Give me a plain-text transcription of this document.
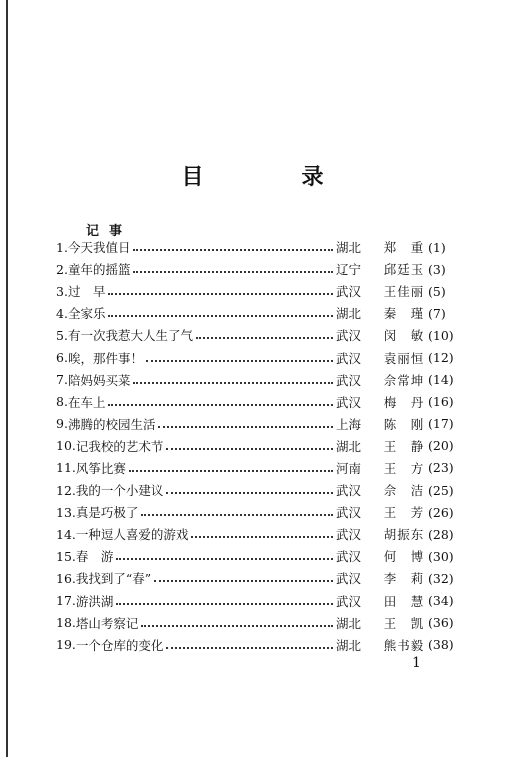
目　录
记事
1. 今天我值日	湖北	郑　重 (1)
2. 童年的摇篮	辽宁	邱廷玉 (3)
3. 过　早	武汉	王佳丽 (5)
4. 全家乐	湖北	秦　瑾 (7)
5. 有一次我惹大人生了气	武汉	闵　敏 (10)
6. 唉，那件事！	武汉	袁丽恒 (12)
7. 陪妈妈买菜	武汉	佘常坤 (14)
8. 在车上	武汉	梅　丹 (16)
9. 沸腾的校园生活	上海	陈　刚 (17)
10. 记我校的艺术节	湖北	王　静 (20)
11. 风筝比赛	河南	王　方 (23)
12. 我的一个小建议	武汉	佘　洁 (25)
13. 真是巧极了	武汉	王　芳 (26)
14. 一种逗人喜爱的游戏	武汉	胡振东 (28)
15. 春　游	武汉	何　博 (30)
16. 我找到了“春”	武汉	李　莉 (32)
17. 游洪湖	武汉	田　慧 (34)
18. 塔山考察记	湖北	王　凯 (36)
19. 一个仓库的变化	湖北	熊书毅 (38)
1
